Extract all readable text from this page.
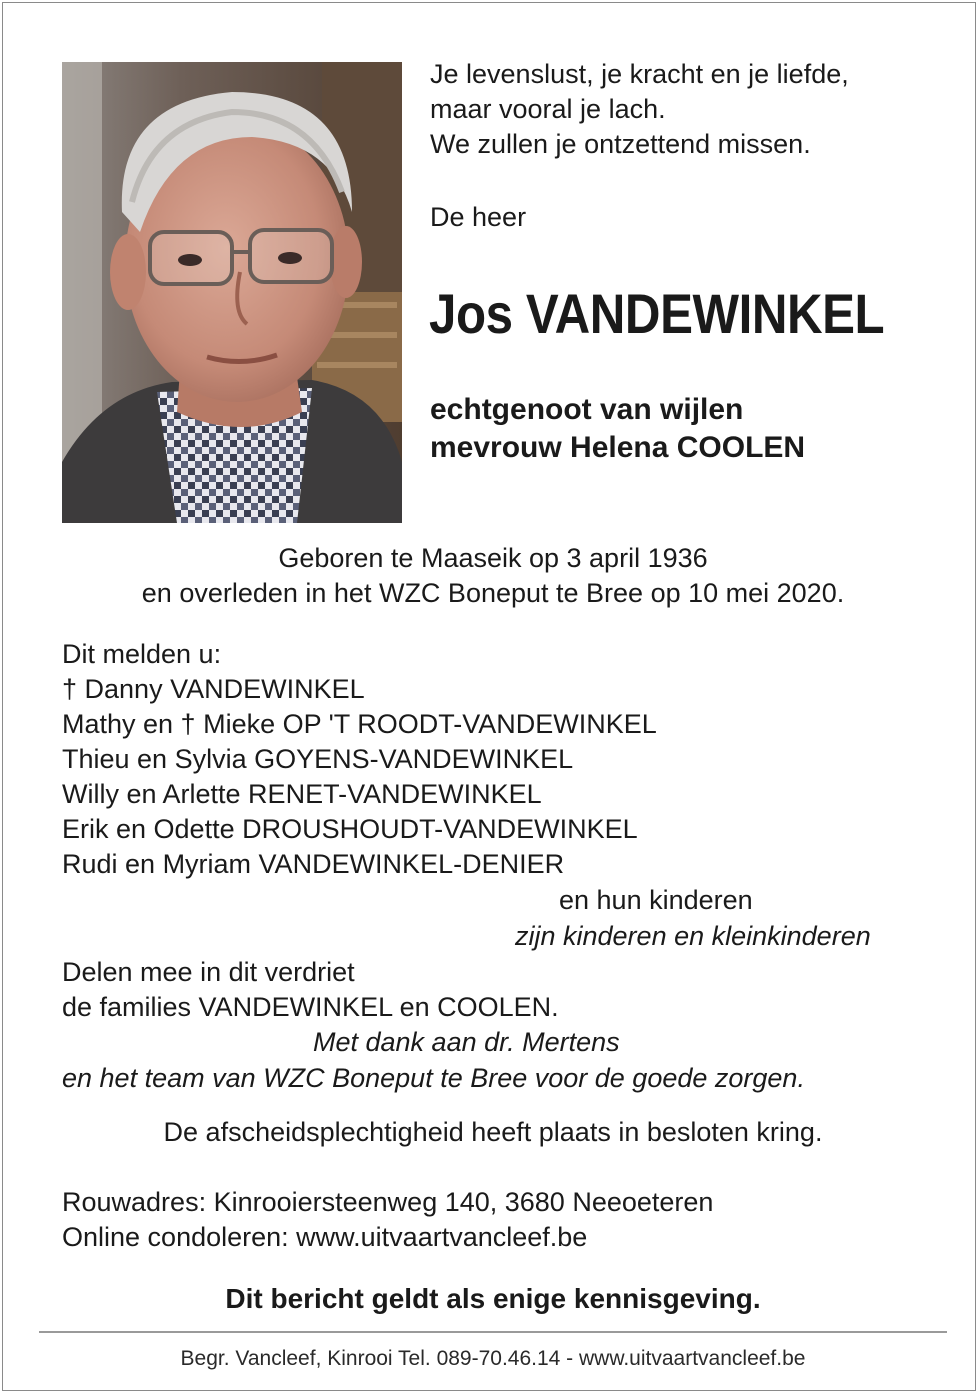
Je levenslust, je kracht en je liefde,
maar vooral je lach.
We zullen je ontzettend missen.
De heer
Jos VANDEWINKEL
echtgenoot van wijlen
mevrouw Helena COOLEN
Geboren te Maaseik op 3 april 1936
en overleden in het WZC Boneput te Bree op 10 mei 2020.
Dit melden u:
† Danny VANDEWINKEL
Mathy en † Mieke OP 'T ROODT-VANDEWINKEL
Thieu en Sylvia GOYENS-VANDEWINKEL
Willy en Arlette RENET-VANDEWINKEL
Erik en Odette DROUSHOUDT-VANDEWINKEL
Rudi en Myriam VANDEWINKEL-DENIER
en hun kinderen
zijn kinderen en kleinkinderen
Delen mee in dit verdriet
de families VANDEWINKEL en COOLEN.
Met dank aan dr. Mertens
en het team van WZC Boneput te Bree voor de goede zorgen.
De afscheidsplechtigheid heeft plaats in besloten kring.
Rouwadres: Kinrooiersteenweg 140, 3680 Neeoeteren
Online condoleren: www.uitvaartvancleef.be
Dit bericht geldt als enige kennisgeving.
Begr. Vancleef, Kinrooi Tel. 089-70.46.14 - www.uitvaartvancleef.be
